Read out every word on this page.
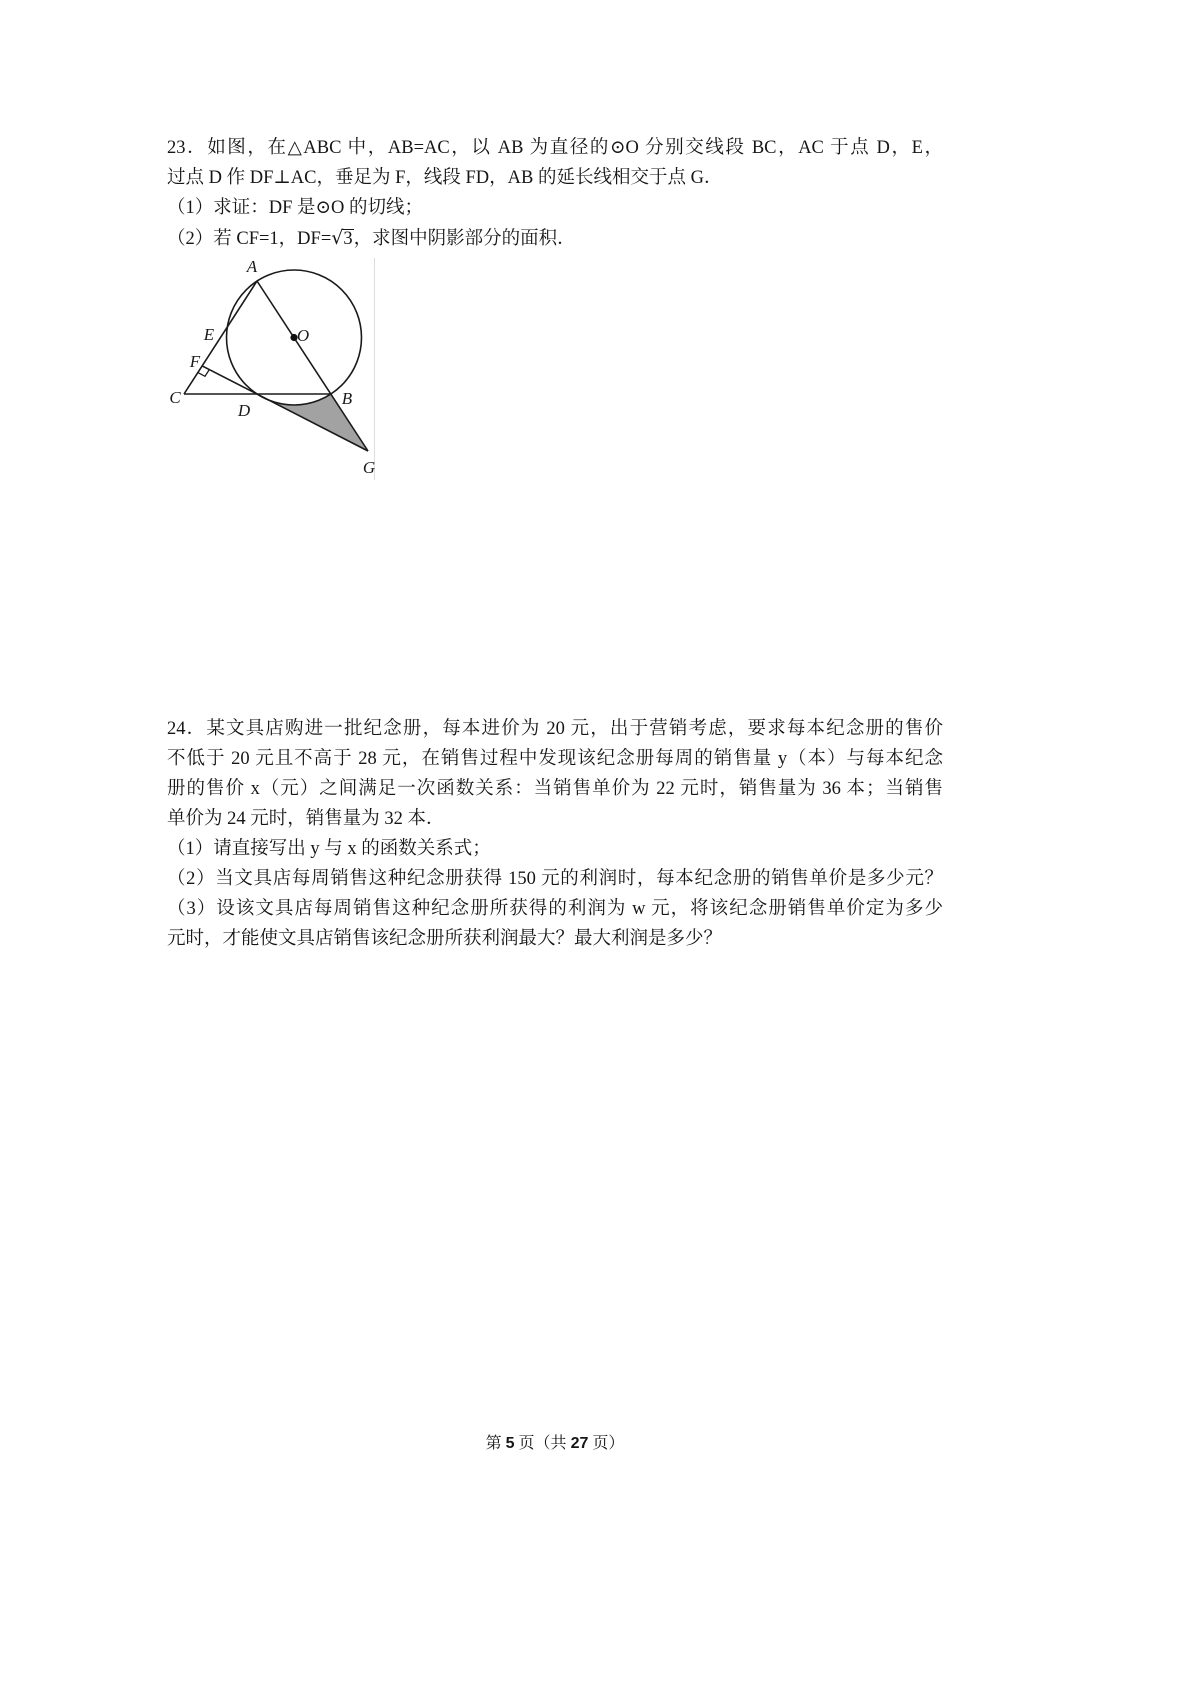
23．如图，在△ABC 中，AB=AC，以 AB 为直径的⊙O 分别交线段 BC，AC 于点 D，E，
过点 D 作 DF⊥AC，垂足为 F，线段 FD，AB 的延长线相交于点 G．
（1）求证：DF 是⊙O 的切线；
（2）若 CF=1，DF=√3，求图中阴影部分的面积．
A
E
F
C
D
B
O
G
24．某文具店购进一批纪念册，每本进价为 20 元，出于营销考虑，要求每本纪念册的售价
不低于 20 元且不高于 28 元，在销售过程中发现该纪念册每周的销售量 y（本）与每本纪念
册的售价 x（元）之间满足一次函数关系：当销售单价为 22 元时，销售量为 36 本；当销售
单价为 24 元时，销售量为 32 本．
（1）请直接写出 y 与 x 的函数关系式；
（2）当文具店每周销售这种纪念册获得 150 元的利润时，每本纪念册的销售单价是多少元？
（3）设该文具店每周销售这种纪念册所获得的利润为 w 元，将该纪念册销售单价定为多少
元时，才能使文具店销售该纪念册所获利润最大？最大利润是多少？
第 5 页（共 27 页）
